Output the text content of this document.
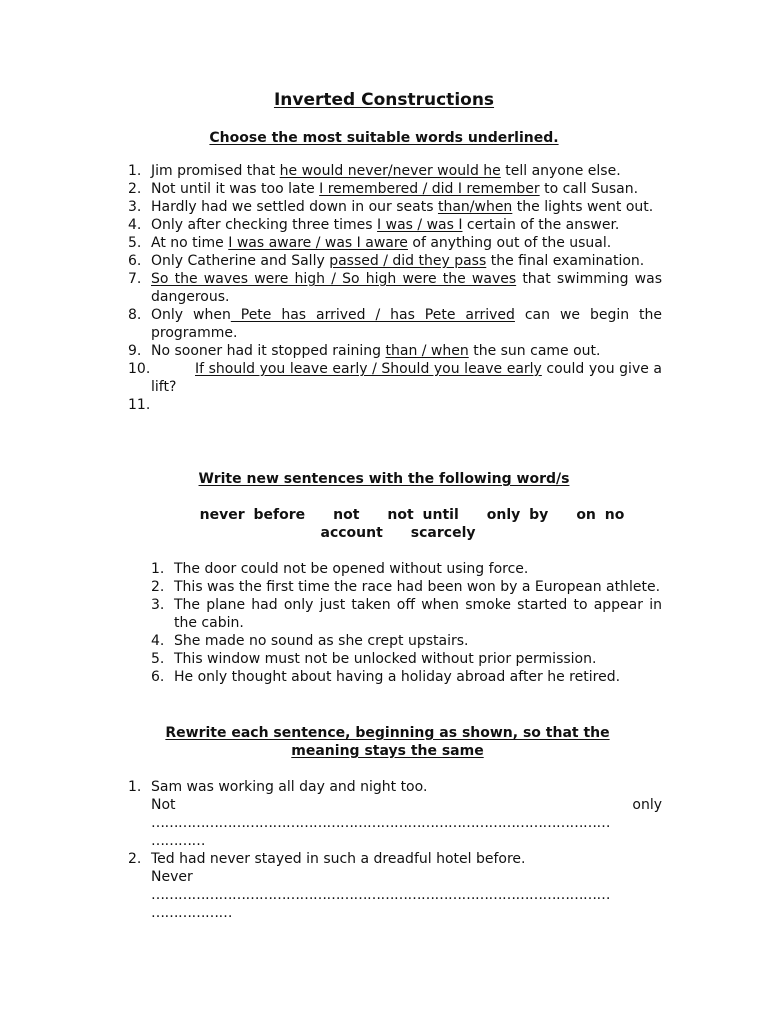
Inverted Constructions
Choose the most suitable words underlined.
1. Jim promised that he would never/never would he tell anyone else.
2. Not until it was too late I remembered / did I remember to call Susan.
3. Hardly had we settled down in our seats than/when the lights went out.
4. Only after checking three times I was / was I certain of the answer.
5. At no time I was aware / was I aware of anything out of the usual.
6. Only Catherine and Sally passed / did they pass the final examination.
7. So the waves were high / So high were the waves that swimming was dangerous.
8. Only when Pete has arrived / has Pete arrived can we begin the programme.
9. No sooner had it stopped raining than / when the sun came out.
10.	If should you leave early / Should you leave early could you give a lift?
11.

Write new sentences with the following word/s
never before not not until only by on no account scarcely
1. The door could not be opened without using force.
2. This was the first time the race had been won by a European athlete.
3. The plane had only just taken off when smoke started to appear in the cabin.
4. She made no sound as she crept upstairs.
5. This window must not be unlocked without prior permission.
6. He only thought about having a holiday abroad after he retired.
Rewrite each sentence, beginning as shown, so that the meaning stays the same
1. Sam was working all day and night too.
Not	only
…………………………………………………………………………………………
…………
2. Ted had never stayed in such a dreadful hotel before.
Never
…………………………………………………………………………………………
………………
